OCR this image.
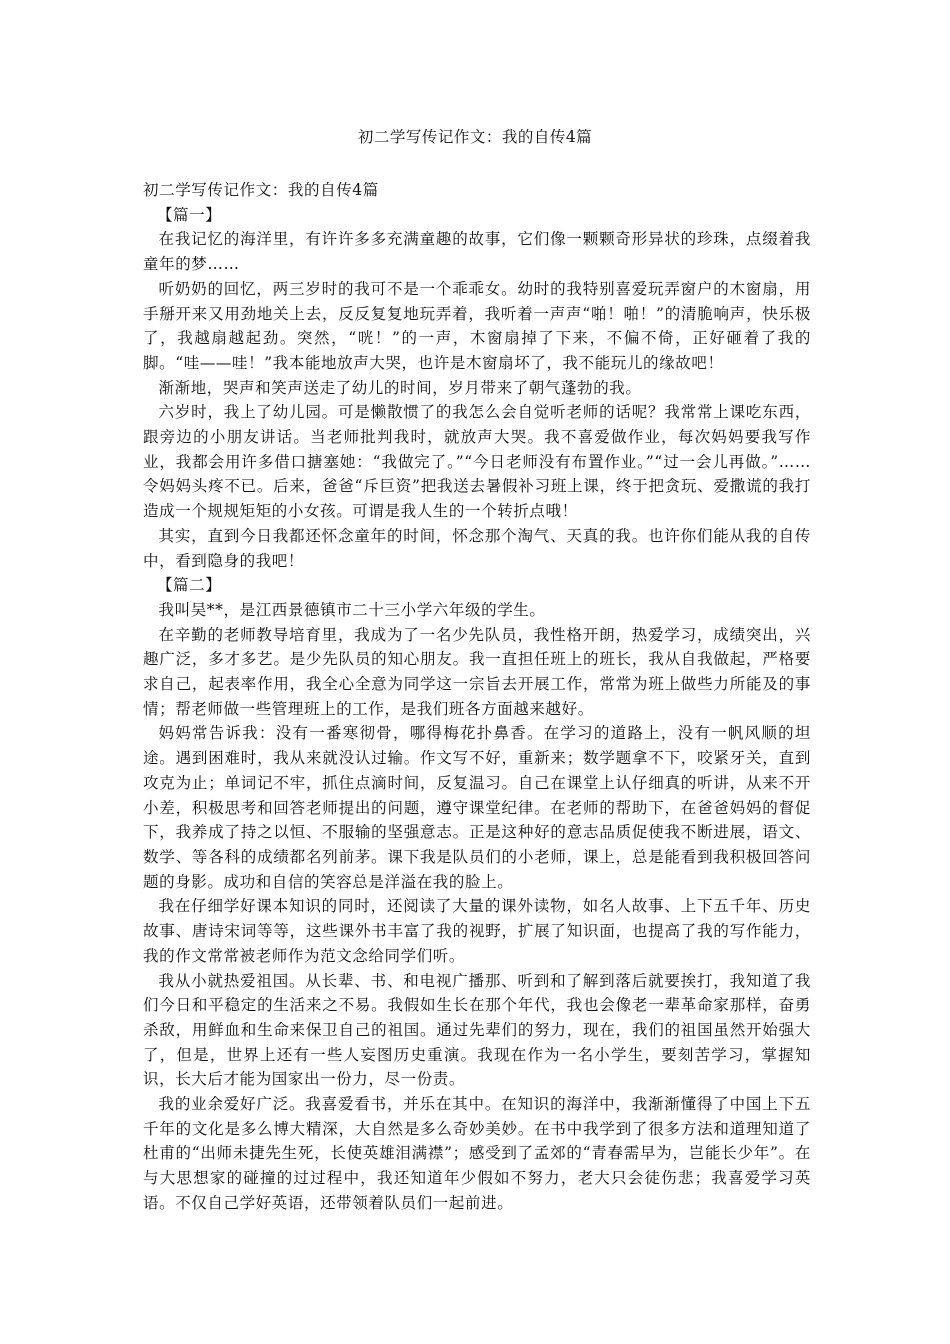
初二学写传记作文：我的自传4篇

初二学写传记作文：我的自传4篇

【篇一】

在我记忆的海洋里，有许许多多充满童趣的故事，它们像一颗颗奇形异状的珍珠，点缀着我童年的梦……

听奶奶的回忆，两三岁时的我可不是一个乖乖女。幼时的我特别喜爱玩弄窗户的木窗扇，用手掰开来又用劲地关上去，反反复复地玩弄着，我听着一声声“啪！啪！”的清脆响声，快乐极了，我越扇越起劲。突然，“咣！”的一声，木窗扇掉了下来，不偏不倚，正好砸着了我的脚。“哇——哇！”我本能地放声大哭，也许是木窗扇坏了，我不能玩儿的缘故吧！

渐渐地，哭声和笑声送走了幼儿的时间，岁月带来了朝气蓬勃的我。

六岁时，我上了幼儿园。可是懒散惯了的我怎么会自觉听老师的话呢？我常常上课吃东西，跟旁边的小朋友讲话。当老师批判我时，就放声大哭。我不喜爱做作业，每次妈妈要我写作业，我都会用许多借口搪塞她：“我做完了。”“今日老师没有布置作业。”“过一会儿再做。”……令妈妈头疼不已。后来，爸爸“斥巨资”把我送去暑假补习班上课，终于把贪玩、爱撒谎的我打造成一个规规矩矩的小女孩。可谓是我人生的一个转折点哦！

其实，直到今日我都还怀念童年的时间，怀念那个淘气、天真的我。也许你们能从我的自传中，看到隐身的我吧！

【篇二】

我叫吴**，是江西景德镇市二十三小学六年级的学生。

在辛勤的老师教导培育里，我成为了一名少先队员，我性格开朗，热爱学习，成绩突出，兴趣广泛，多才多艺。是少先队员的知心朋友。我一直担任班上的班长，我从自我做起，严格要求自己，起表率作用，我全心全意为同学这一宗旨去开展工作，常常为班上做些力所能及的事情；帮老师做一些管理班上的工作，是我们班各方面越来越好。

妈妈常告诉我：没有一番寒彻骨，哪得梅花扑鼻香。在学习的道路上，没有一帆风顺的坦途。遇到困难时，我从来就没认过输。作文写不好，重新来；数学题拿不下，咬紧牙关，直到攻克为止；单词记不牢，抓住点滴时间，反复温习。自己在课堂上认仔细真的听讲，从来不开小差，积极思考和回答老师提出的问题，遵守课堂纪律。在老师的帮助下，在爸爸妈妈的督促下，我养成了持之以恒、不服输的坚强意志。正是这种好的意志品质促使我不断进展，语文、数学、等各科的成绩都名列前茅。课下我是队员们的小老师，课上，总是能看到我积极回答问题的身影。成功和自信的笑容总是洋溢在我的脸上。

我在仔细学好课本知识的同时，还阅读了大量的课外读物，如名人故事、上下五千年、历史故事、唐诗宋词等等，这些课外书丰富了我的视野，扩展了知识面，也提高了我的写作能力，我的作文常常被老师作为范文念给同学们听。

我从小就热爱祖国。从长辈、书、和电视广播那、听到和了解到落后就要挨打，我知道了我们今日和平稳定的生活来之不易。我假如生长在那个年代，我也会像老一辈革命家那样，奋勇杀敌，用鲜血和生命来保卫自己的祖国。通过先辈们的努力，现在，我们的祖国虽然开始强大了，但是，世界上还有一些人妄图历史重演。我现在作为一名小学生，要刻苦学习，掌握知识，长大后才能为国家出一份力，尽一份责。

我的业余爱好广泛。我喜爱看书，并乐在其中。在知识的海洋中，我渐渐懂得了中国上下五千年的文化是多么博大精深，大自然是多么奇妙美妙。在书中我学到了很多方法和道理知道了杜甫的“出师未捷先生死，长使英雄泪满襟”；感受到了孟郊的“青春需早为，岂能长少年”。在与大思想家的碰撞的过过程中，我还知道年少假如不努力，老大只会徒伤悲；我喜爱学习英语。不仅自己学好英语，还带领着队员们一起前进。
